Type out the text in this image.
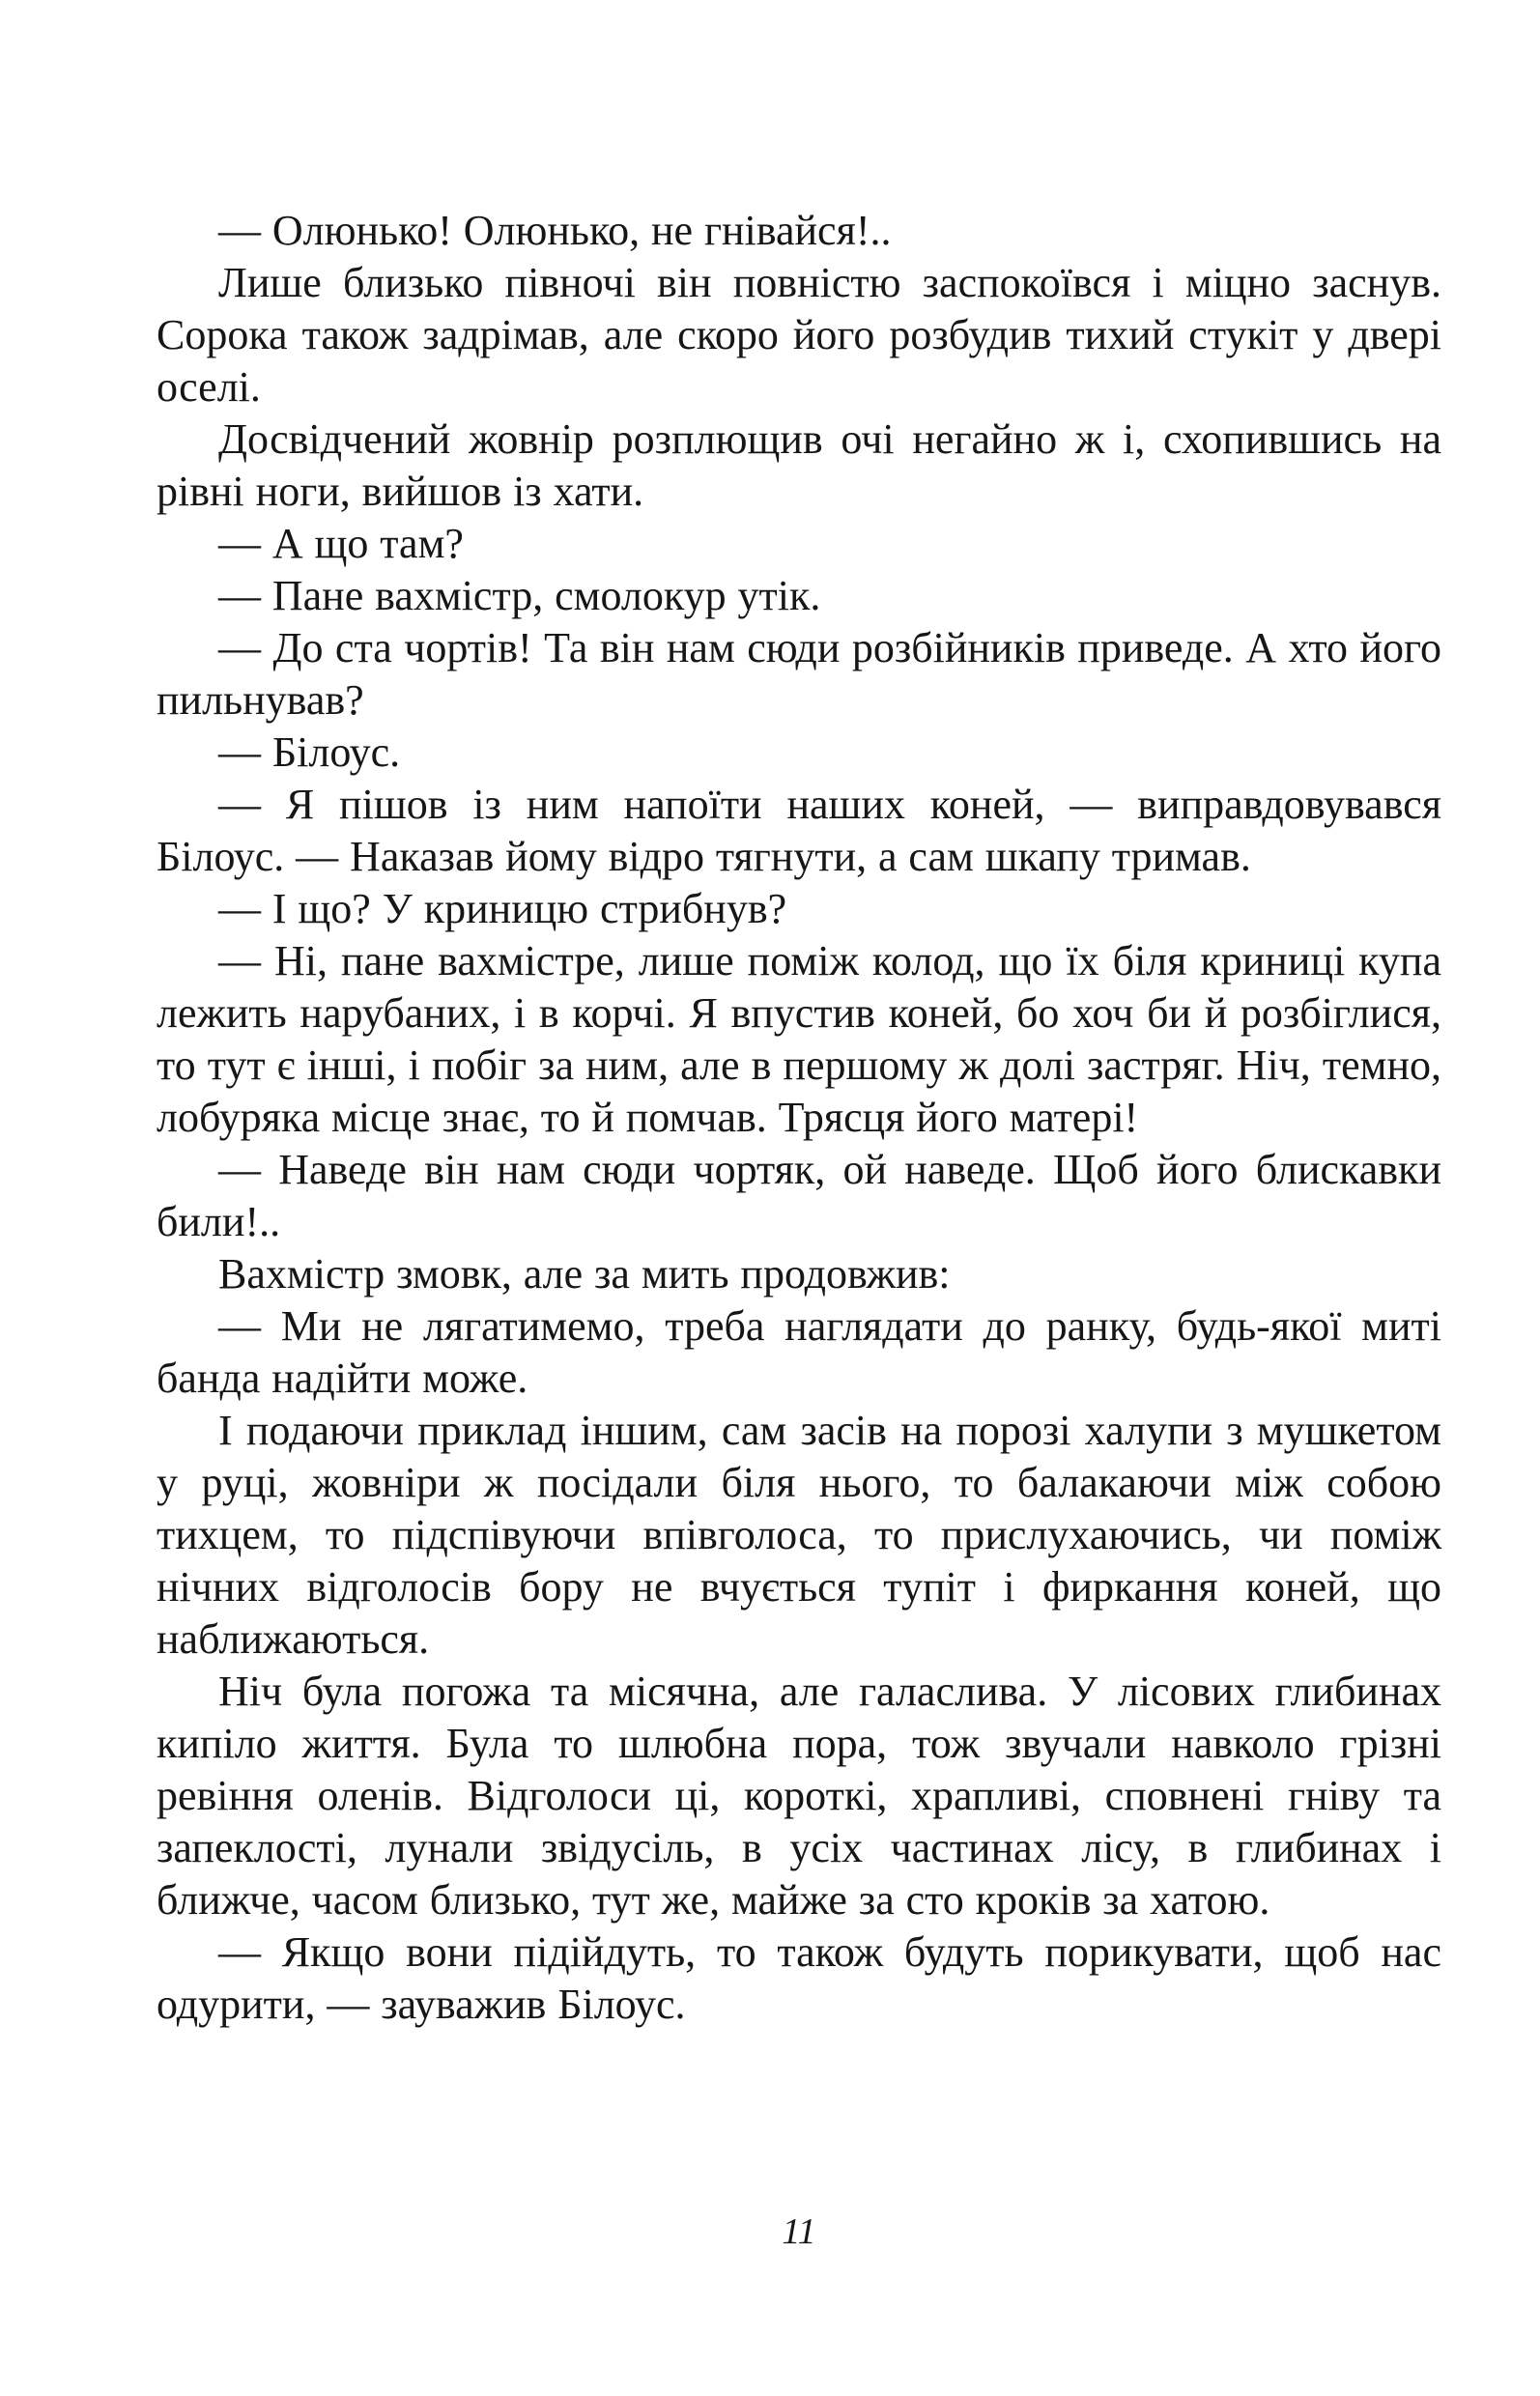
— Олюнько! Олюнько, не гнівайся!..

Лише близько півночі він повністю заспокоївся і міцно заснув. Сорока також задрімав, але скоро його розбудив тихий стукіт у двері оселі.

Досвідчений жовнір розплющив очі негайно ж і, схопившись на рівні ноги, вийшов із хати.

— А що там?

— Пане вахмістр, смолокур утік.

— До ста чортів! Та він нам сюди розбійників приведе. А хто його пильнував?

— Білоус.

— Я пішов із ним напоїти наших коней, — виправдовувався Білоус. — Наказав йому відро тягнути, а сам шкапу тримав.

— І що? У криницю стрибнув?

— Ні, пане вахмістре, лише поміж колод, що їх біля криниці купа лежить нарубаних, і в корчі. Я впустив коней, бо хоч би й розбіглися, то тут є інші, і побіг за ним, але в першому ж долі застряг. Ніч, темно, лобуряка місце знає, то й помчав. Трясця його матері!

— Наведе він нам сюди чортяк, ой наведе. Щоб його блискавки били!..

Вахмістр змовк, але за мить продовжив:

— Ми не лягатимемо, треба наглядати до ранку, будь-якої миті банда надійти може.

І подаючи приклад іншим, сам засів на порозі халупи з мушкетом у руці, жовніри ж посідали біля нього, то балакаючи між собою тихцем, то підспівуючи впівголоса, то прислухаючись, чи поміж нічних відголосів бору не вчується тупіт і фиркання коней, що наближаються.

Ніч була погожа та місячна, але галаслива. У лісових глибинах кипіло життя. Була то шлюбна пора, тож звучали навколо грізні ревіння оленів. Відголоси ці, короткі, храпливі, сповнені гніву та запеклості, лунали звідусіль, в усіх частинах лісу, в глибинах і ближче, часом близько, тут же, майже за сто кроків за хатою.

— Якщо вони підійдуть, то також будуть порикувати, щоб нас одурити, — зауважив Білоус.

11
